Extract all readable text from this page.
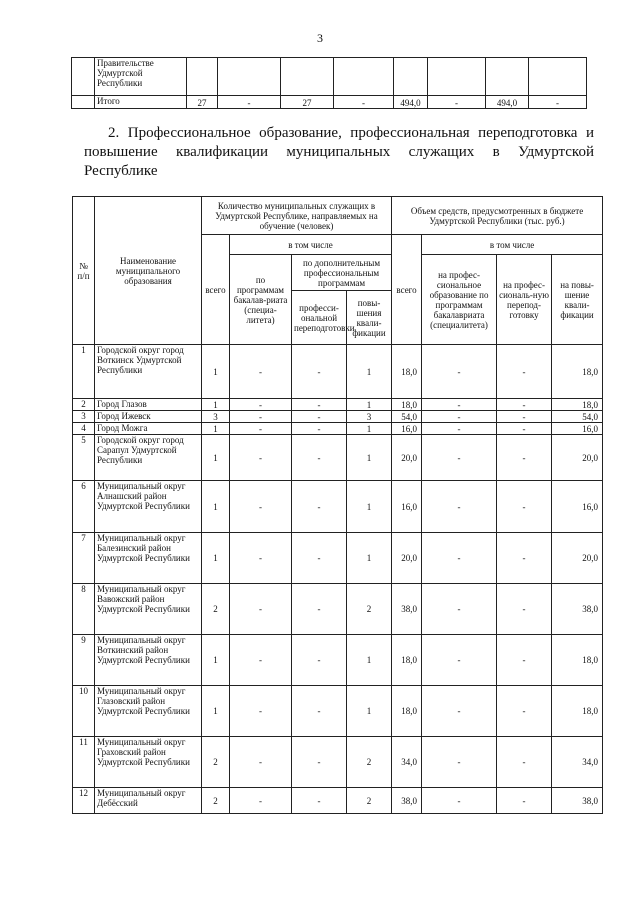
3
	Правительстве Удмуртской Республики								
	Итого	27	-	27	-	494,0	-	494,0	-
2. Профессиональное образование, профессиональная переподготовка и повышение квалификации муниципальных служащих в Удмуртской Республике
№ п/п	Наименование муниципального образования	Количество муниципальных служащих в Удмуртской Республике, направляемых на обучение (человек)				Объем средств, предусмотренных в бюджете Удмуртской Республики (тыс. руб.)			
		всего	в том числе			всего	в том числе		
			по программам бакалав-риата (специа-литета)	по дополнительным профессиональным программам			на профес-сиональное образование по программам бакалавриата (специалитета)	на профес-сиональ-ную перепод-готовку	на повы-шение квали-фикации
				професси-ональной переподготовки	повы-шения квали-фикации				
1	Городской округ город Воткинск Удмуртской Республики	1	-	-	1	18,0	-	-	18,0
2	Город Глазов	1	-	-	1	18,0	-	-	18,0
3	Город Ижевск	3	-	-	3	54,0	-	-	54,0
4	Город Можга	1	-	-	1	16,0	-	-	16,0
5	Городской округ город Сарапул Удмуртской Республики	1	-	-	1	20,0	-	-	20,0
6	Муниципальный округ Алнашский район Удмуртской Республики	1	-	-	1	16,0	-	-	16,0
7	Муниципальный округ Балезинский район Удмуртской Республики	1	-	-	1	20,0	-	-	20,0
8	Муниципальный округ Вавожский район Удмуртской Республики	2	-	-	2	38,0	-	-	38,0
9	Муниципальный округ Воткинский район Удмуртской Республики	1	-	-	1	18,0	-	-	18,0
10	Муниципальный округ Глазовский район Удмуртской Республики	1	-	-	1	18,0	-	-	18,0
11	Муниципальный округ Граховский район Удмуртской Республики	2	-	-	2	34,0	-	-	34,0
12	Муниципальный округ Дебёсский	2	-	-	2	38,0	-	-	38,0
